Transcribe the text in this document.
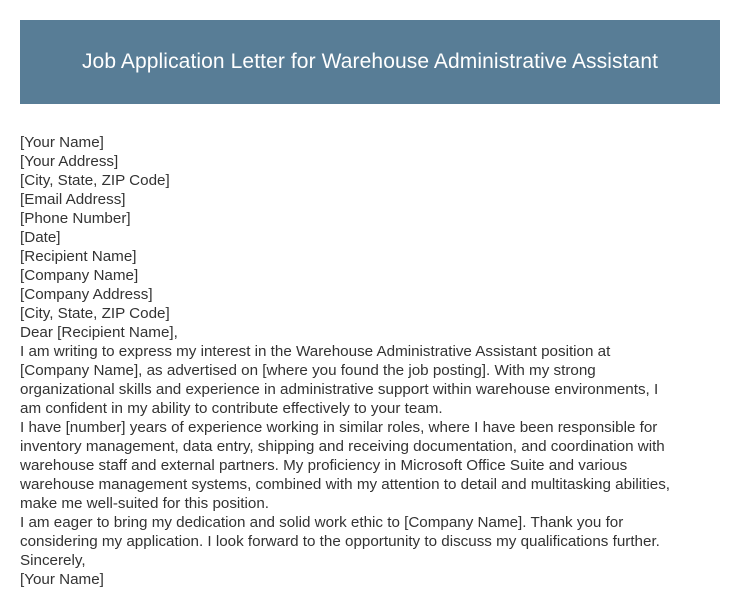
Job Application Letter for Warehouse Administrative Assistant
[Your Name]
[Your Address]
[City, State, ZIP Code]
[Email Address]
[Phone Number]
[Date]
[Recipient Name]
[Company Name]
[Company Address]
[City, State, ZIP Code]
Dear [Recipient Name],
I am writing to express my interest in the Warehouse Administrative Assistant position at
[Company Name], as advertised on [where you found the job posting]. With my strong
organizational skills and experience in administrative support within warehouse environments, I
am confident in my ability to contribute effectively to your team.
I have [number] years of experience working in similar roles, where I have been responsible for
inventory management, data entry, shipping and receiving documentation, and coordination with
warehouse staff and external partners. My proficiency in Microsoft Office Suite and various
warehouse management systems, combined with my attention to detail and multitasking abilities,
make me well-suited for this position.
I am eager to bring my dedication and solid work ethic to [Company Name]. Thank you for
considering my application. I look forward to the opportunity to discuss my qualifications further.
Sincerely,
[Your Name]
